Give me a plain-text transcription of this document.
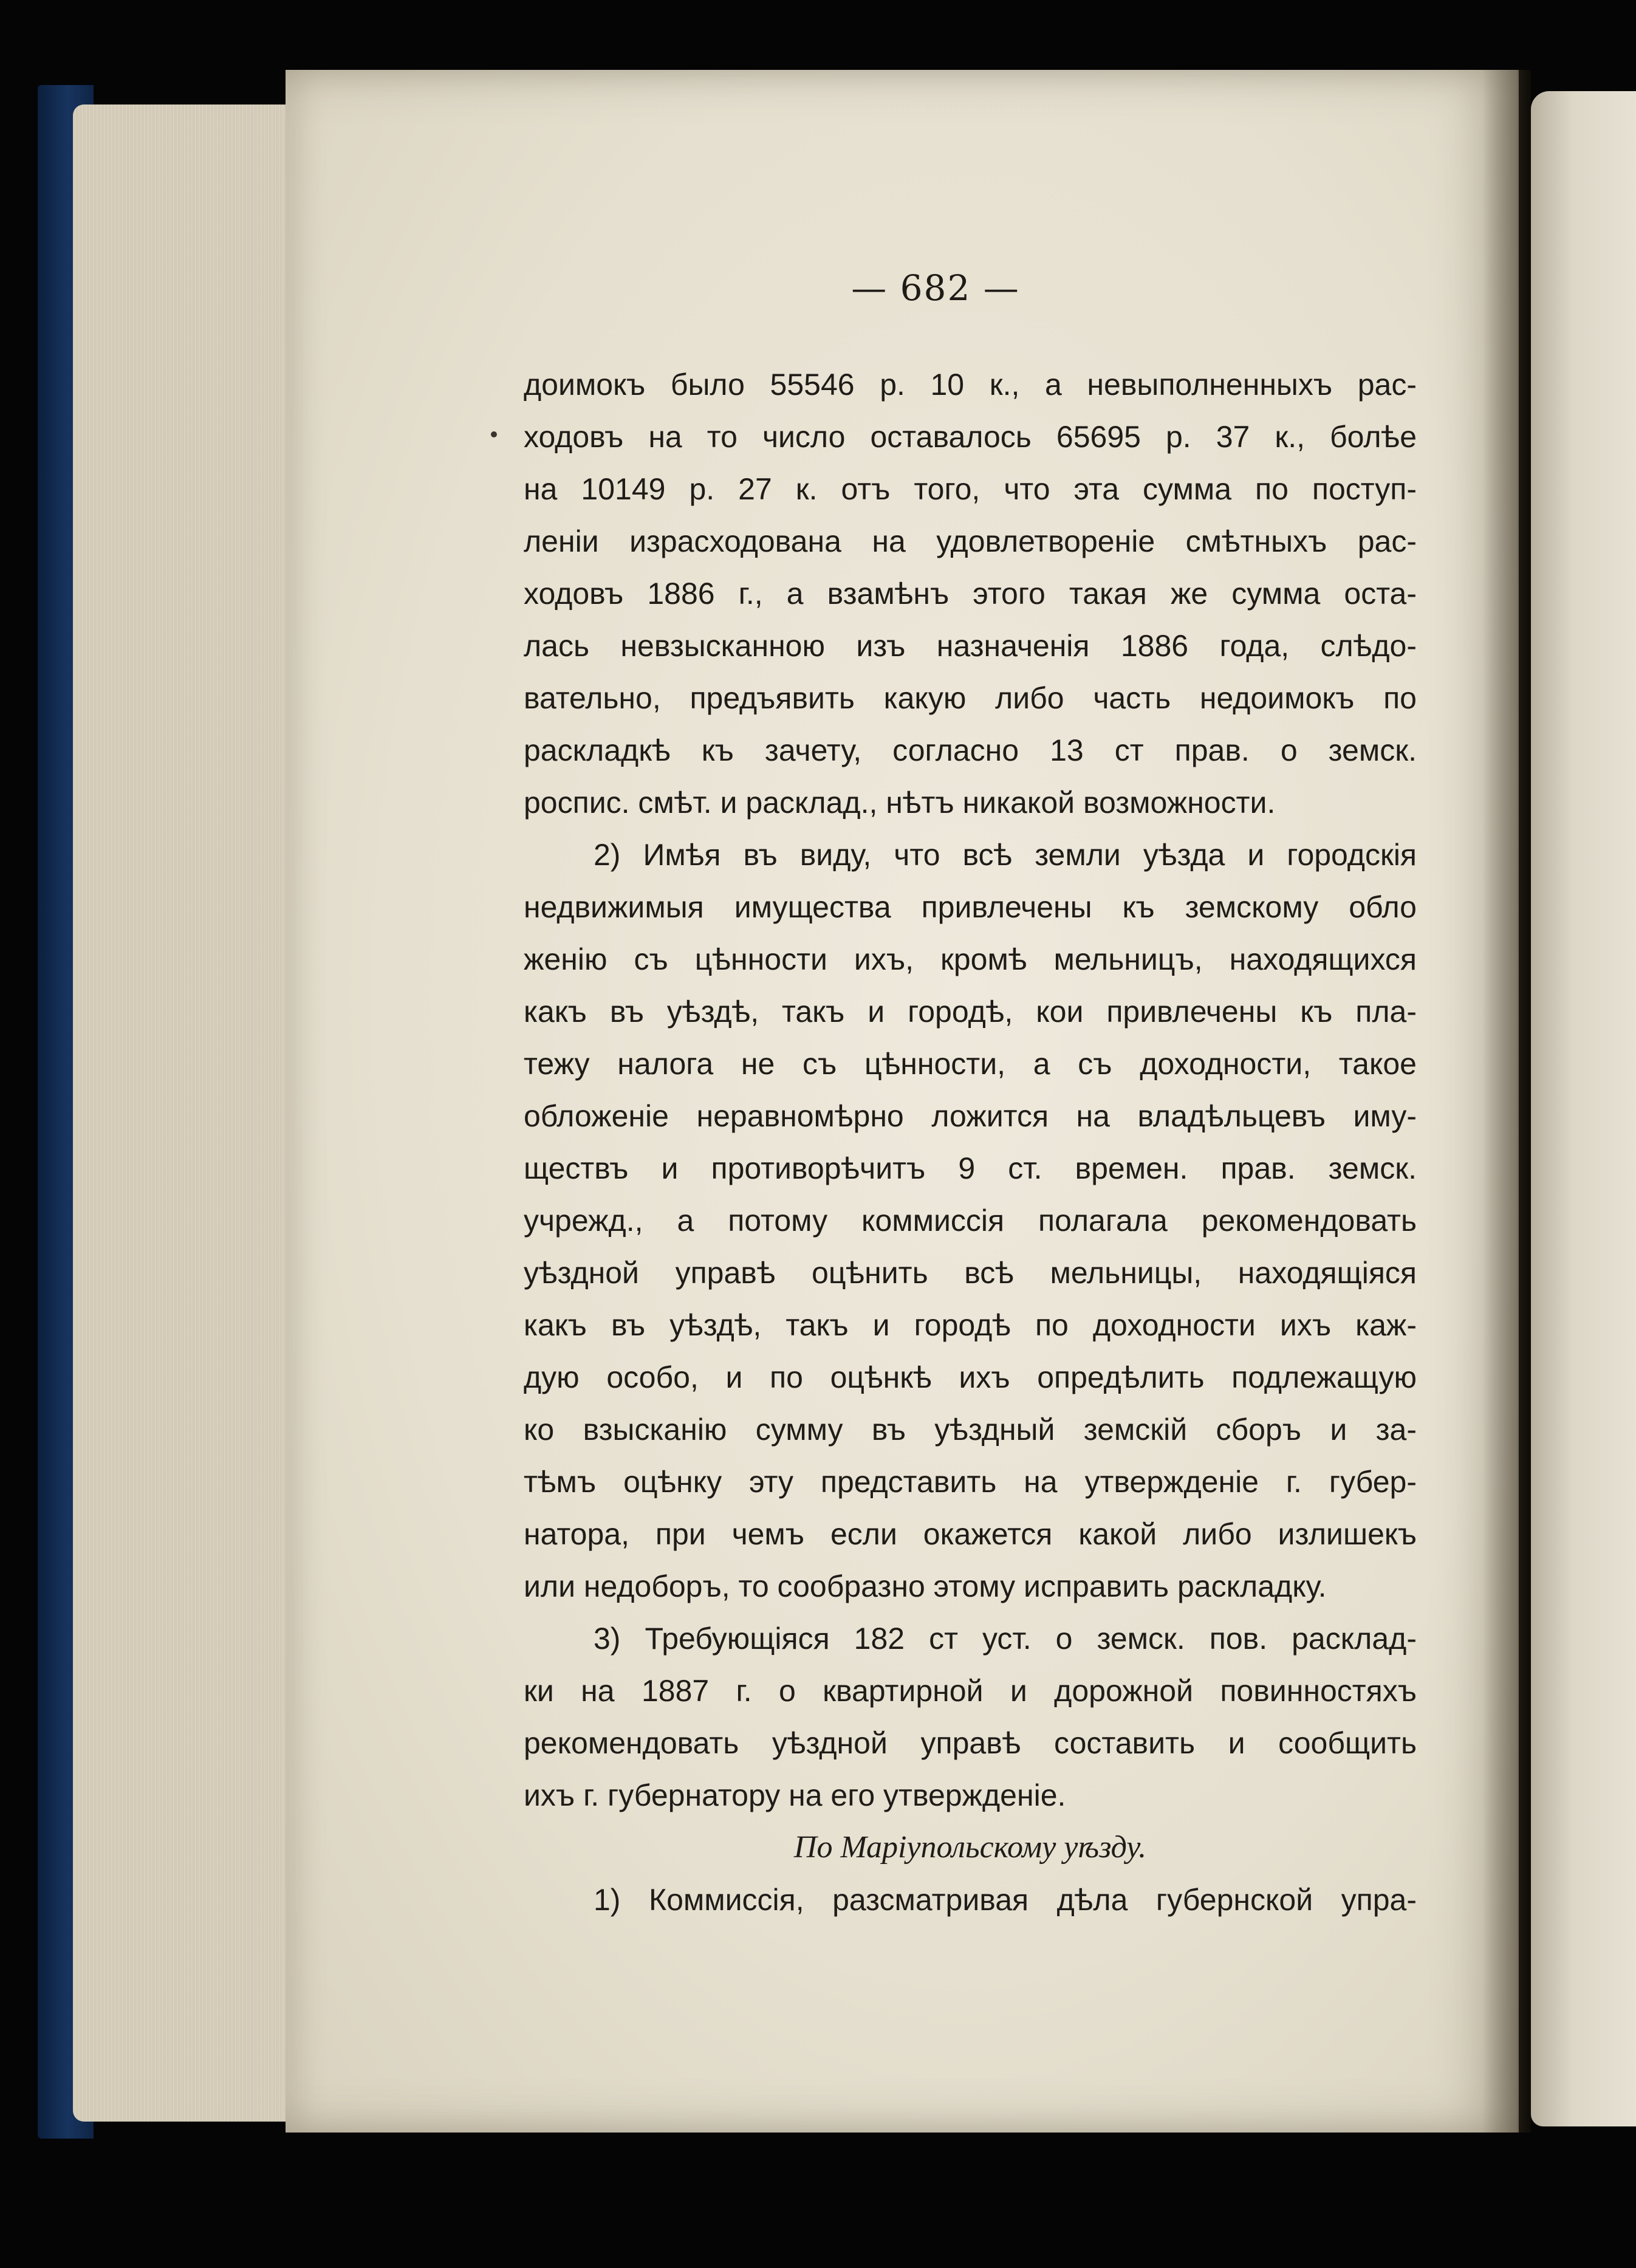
— 682 —
доимокъ было 55546 р. 10 к., а невыполненныхъ рас-
ходовъ на то число оставалось 65695 р. 37 к., болѣе
на 10149 р. 27 к. отъ того, что эта сумма по поступ-
леніи израсходована на удовлетвореніе смѣтныхъ рас-
ходовъ 1886 г., а взамѣнъ этого такая же сумма оста-
лась невзысканною изъ назначенія 1886 года, слѣдо-
вательно, предъявить какую либо часть недоимокъ по
раскладкѣ къ зачету, согласно 13 ст прав. о земск.
роспис. смѣт. и расклад., нѣтъ никакой возможности.
2) Имѣя въ виду, что всѣ земли уѣзда и городскія
недвижимыя имущества привлечены къ земскому обло
женію съ цѣнности ихъ, кромѣ мельницъ, находящихся
какъ въ уѣздѣ, такъ и городѣ, кои привлечены къ пла-
тежу налога не съ цѣнности, а съ доходности, такое
обложеніе неравномѣрно ложится на владѣльцевъ иму-
ществъ и противорѣчитъ 9 ст. времен. прав. земск.
учрежд., а потому коммиссія полагала рекомендовать
уѣздной управѣ оцѣнить всѣ мельницы, находящіяся
какъ въ уѣздѣ, такъ и городѣ по доходности ихъ каж-
дую особо, и по оцѣнкѣ ихъ опредѣлить подлежащую
ко взысканію сумму въ уѣздный земскій сборъ и за-
тѣмъ оцѣнку эту представить на утвержденіе г. губер-
натора, при чемъ если окажется какой либо излишекъ
или недоборъ, то сообразно этому исправить раскладку.
3) Требующіяся 182 ст уст. о земск. пов. расклад-
ки на 1887 г. о квартирной и дорожной повинностяхъ
рекомендовать уѣздной управѣ составить и сообщить
ихъ г. губернатору на его утвержденіе.
По Маріупольскому уѣзду.
1) Коммиссія, разсматривая дѣла губернской упра-
